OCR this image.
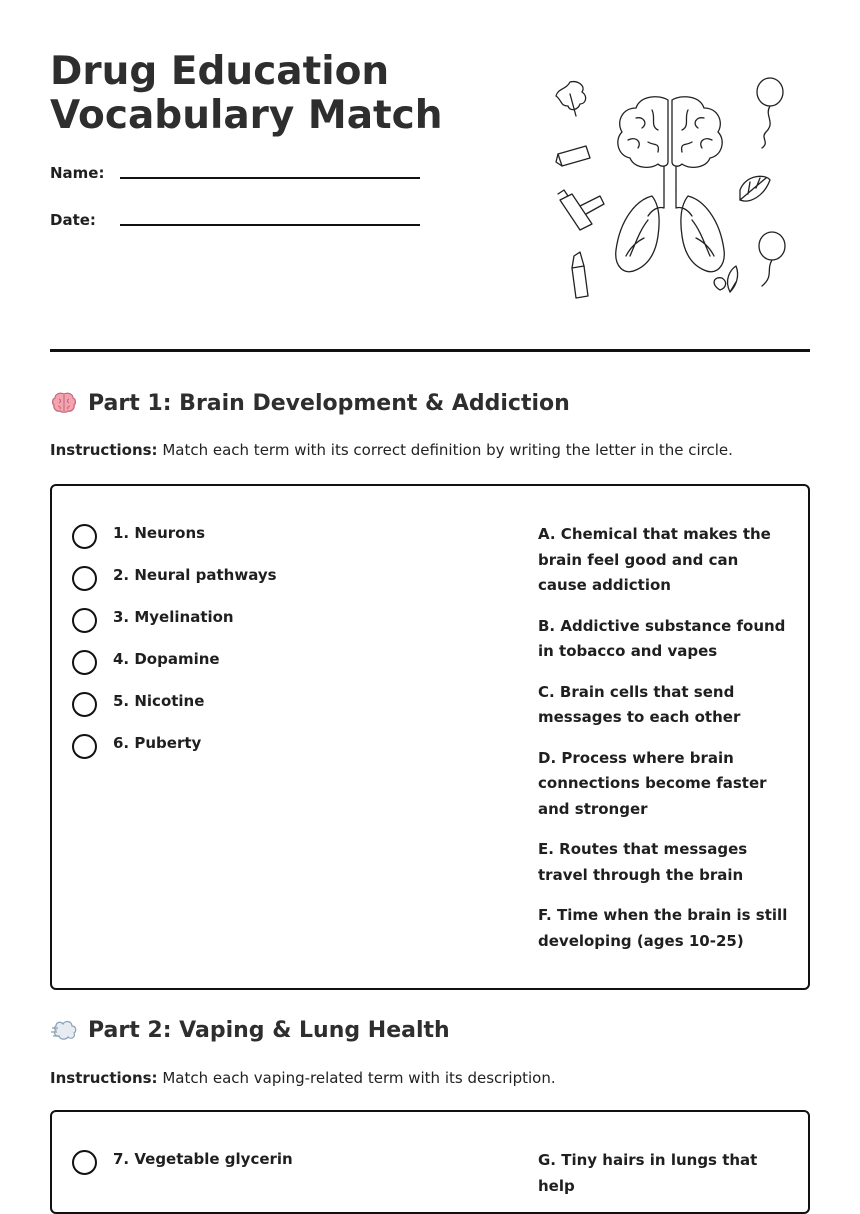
Drug Education
Vocabulary Match
Name:
Date:
Part 1: Brain Development & Addiction
Instructions: Match each term with its correct definition by writing the letter in the circle.
1. Neurons
2. Neural pathways
3. Myelination
4. Dopamine
5. Nicotine
6. Puberty
A. Chemical that makes the brain feel good and can cause addiction
B. Addictive substance found in tobacco and vapes
C. Brain cells that send messages to each other
D. Process where brain connections become faster and stronger
E. Routes that messages travel through the brain
F. Time when the brain is still developing (ages 10-25)
Part 2: Vaping & Lung Health
Instructions: Match each vaping-related term with its description.
7. Vegetable glycerin	G. Tiny hairs in lungs that help
